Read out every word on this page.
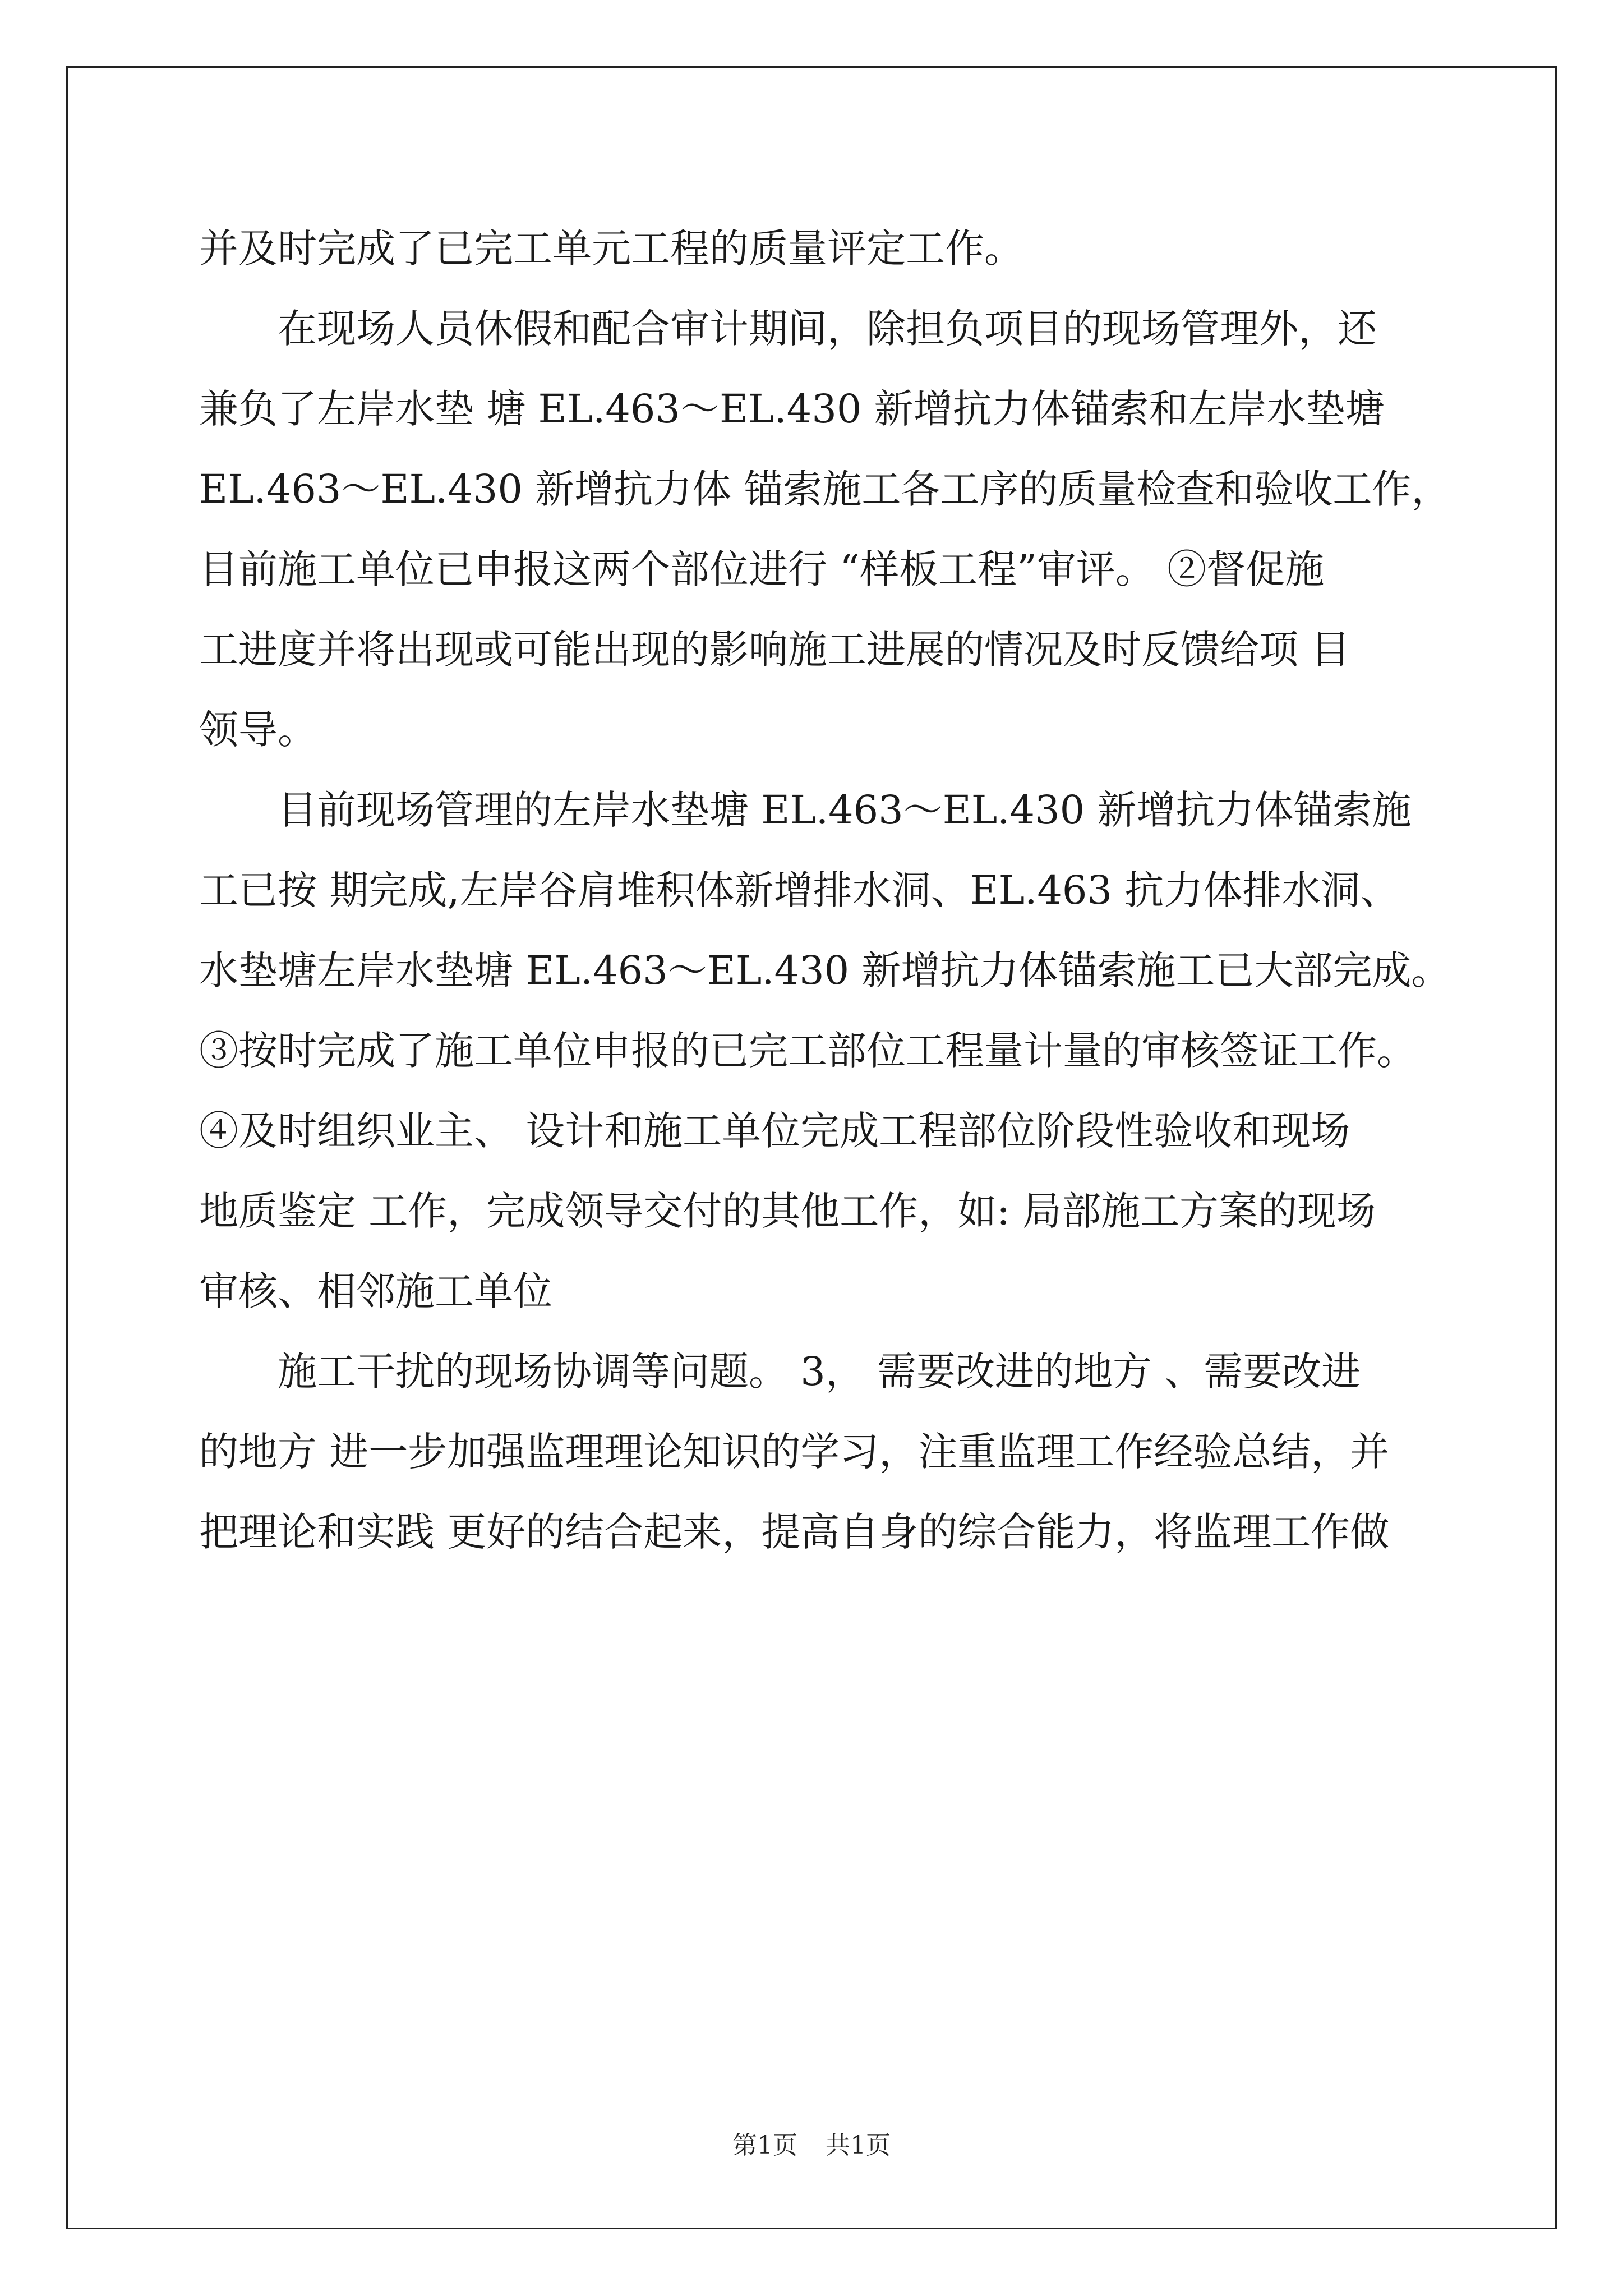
并及时完成了已完工单元工程的质量评定工作。
在现场人员休假和配合审计期间，除担负项目的现场管理外，还
兼负了左岸水垫 塘 EL.463～EL.430 新增抗力体锚索和左岸水垫塘
EL.463～EL.430 新增抗力体 锚索施工各工序的质量检查和验收工作，
目前施工单位已申报这两个部位进行 “样板工程”审评。 ②督促施
工进度并将出现或可能出现的影响施工进展的情况及时反馈给项 目
领导。
目前现场管理的左岸水垫塘 EL.463～EL.430 新增抗力体锚索施
工已按 期完成,左岸谷肩堆积体新增排水洞、EL.463 抗力体排水洞、
水垫塘左岸水垫塘 EL.463～EL.430 新增抗力体锚索施工已大部完成。
③按时完成了施工单位申报的已完工部位工程量计量的审核签证工作。
④及时组织业主、 设计和施工单位完成工程部位阶段性验收和现场
地质鉴定 工作，完成领导交付的其他工作，如: 局部施工方案的现场
审核、相邻施工单位
施工干扰的现场协调等问题。 3， 需要改进的地方 、需要改进
的地方 进一步加强监理理论知识的学习，注重监理工作经验总结，并
把理论和实践 更好的结合起来，提高自身的综合能力，将监理工作做
第1页 共1页
